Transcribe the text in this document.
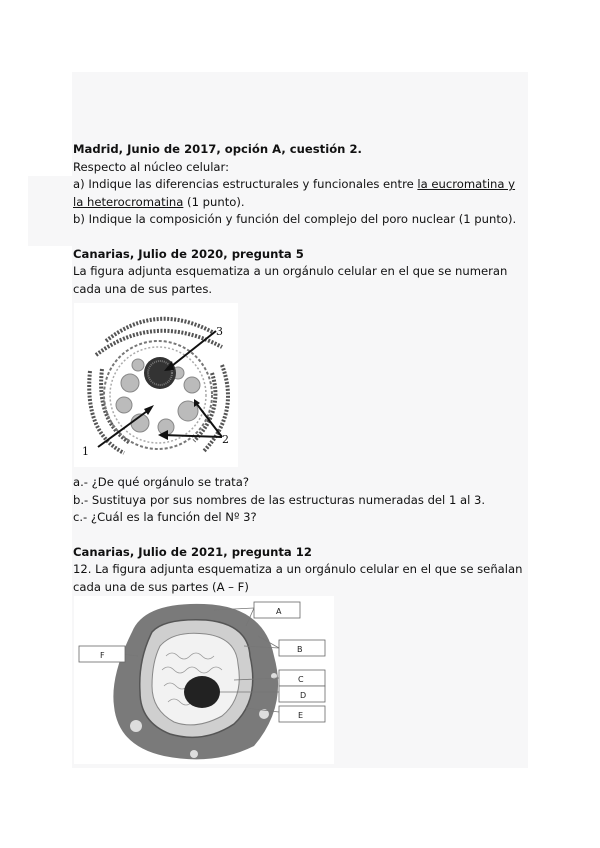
Madrid, Junio de 2017, opción A, cuestión 2.

Respecto al núcleo celular:

a) Indique las diferencias estructurales y funcionales entre la eucromatina y la heterocromatina (1 punto).

b) Indique la composición y función del complejo del poro nuclear (1 punto).

Canarias, Julio de 2020, pregunta 5

La figura adjunta esquematiza a un orgánulo celular en el que se numeran cada una de sus partes.

a.- ¿De qué orgánulo se trata?

b.- Sustituya por sus nombres de las estructuras numeradas del 1 al 3.

c.- ¿Cuál es la función del Nº 3?

Canarias, Julio de 2021, pregunta 12

12. La figura adjunta esquematiza a un orgánulo celular en el que se señalan cada una de sus partes (A – F)

3
1
2
A
B
C
D
E
F
